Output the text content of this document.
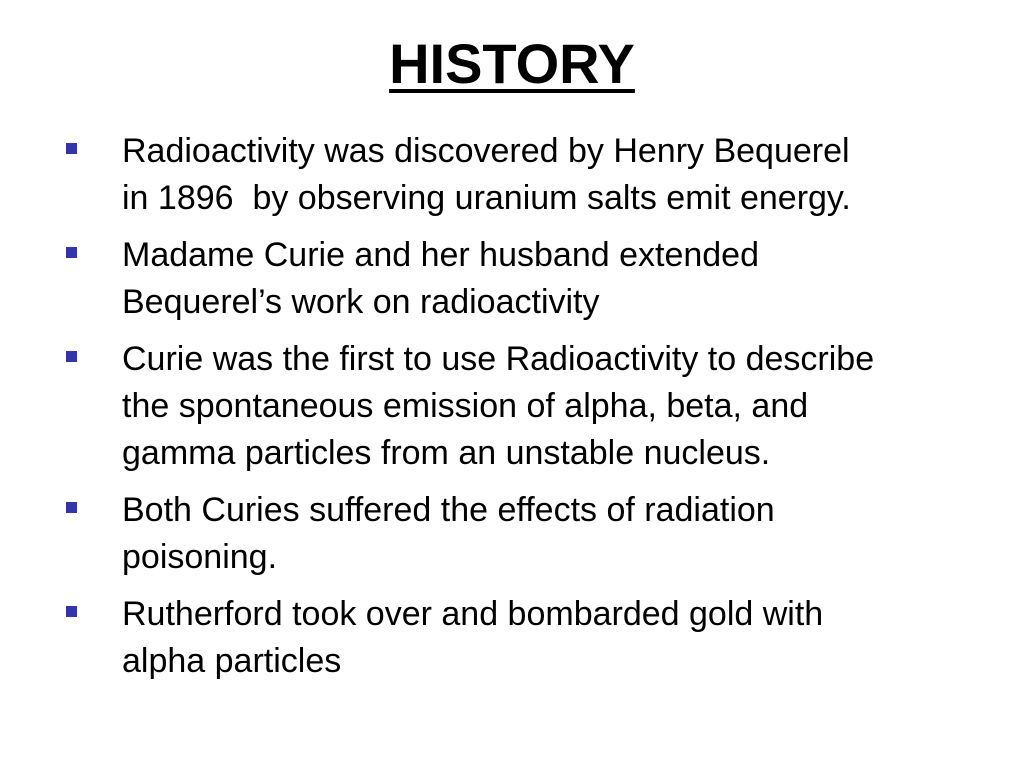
HISTORY
Radioactivity was discovered by Henry Bequerel
in 1896  by observing uranium salts emit energy.
Madame Curie and her husband extended
Bequerel’s work on radioactivity
Curie was the first to use Radioactivity to describe
the spontaneous emission of alpha, beta, and
gamma particles from an unstable nucleus.
Both Curies suffered the effects of radiation
poisoning.
Rutherford took over and bombarded gold with
alpha particles
